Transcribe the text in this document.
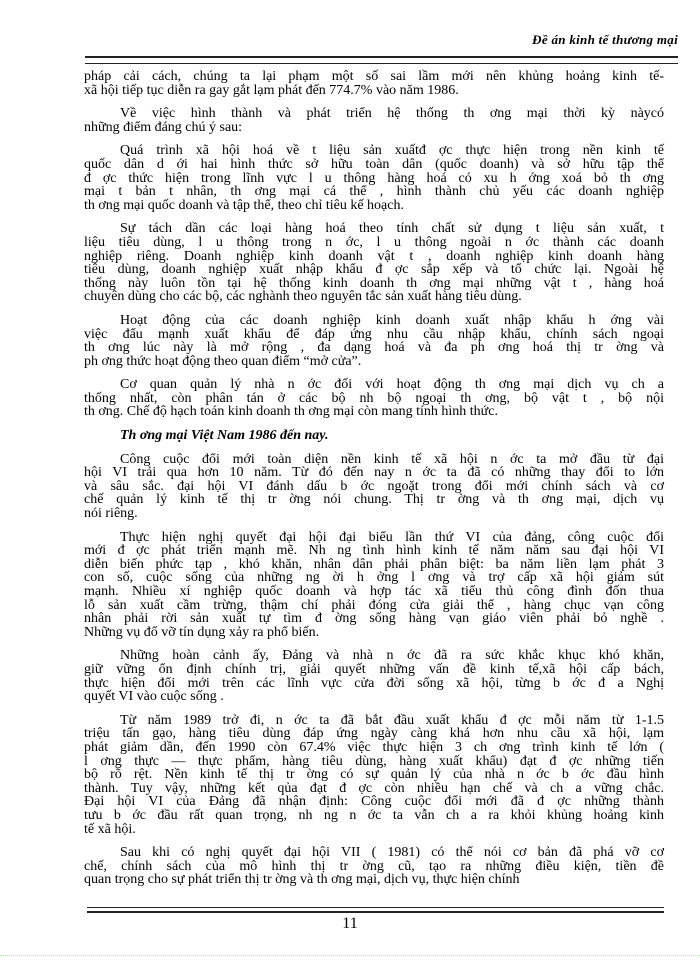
Đề án kinh tế thương mại
pháp cải cách, chúng ta lại phạm một số sai lầm mới nên khủng hoảng kinh tế-
xã hội tiếp tục diễn ra gay gắt lạm phát đến 774.7% vào năm 1986.
Về việc hình thành và phát triển hệ thống th ơng mại thời kỳ nàycó
những điểm đáng chú ý sau:
Quá trình xã hội hoá về t liệu sản xuấtđ ợc thực hiện trong nền kinh tế
quốc dân d ới hai hình thức sở hữu toàn dân (quốc doanh) và sở hữu tập thể
đ ợc thức hiện trong lĩnh vực l u thông hàng hoá có xu h ớng xoá bỏ th ơng
mại t bản t nhân, th ơng mại cá thể , hình thành chủ yếu các doanh nghiệp
th ơng mại quốc doanh và tập thể, theo chỉ tiêu kế hoạch.
Sự tách dần các loại hàng hoá theo tính chất sử dụng t liệu sản xuất, t
liệu tiêu dùng, l u thông trong n ớc, l u thông ngoài n ớc thành các doanh
nghiệp riêng. Doanh nghiệp kinh doanh vật t , doanh nghiệp kinh doanh hàng
tiêu dùng, doanh nghiệp xuất nhập khẩu đ ợc sắp xếp và tổ chức lại. Ngoài hệ
thống này luôn tồn tại hệ thống kinh doanh th ơng mại những vật t , hàng hoá
chuyên dùng cho các bộ, các nghành theo nguyên tắc sản xuất hàng tiêu dùng.
Hoạt động của các doanh nghiệp kinh doanh xuất nhập khẩu h ớng vài
việc đẩu mạnh xuất khẩu để đáp ứng nhu cầu nhập khẩu, chính sách ngoại
th ơng lúc này là mở rộng , đa dạng hoá và đa ph ơng hoá thị tr ờng và
ph ơng thức hoạt động theo quan điểm “mở cửa”.
Cơ quan quản lý nhà n ớc đối với hoạt động th ơng mại dịch vụ ch a
thống nhất, còn phân tán ở các bộ nh bộ ngoại th ơng, bộ vật t , bộ nội
th ơng. Chế độ hạch toán kinh doanh th ơng mại còn mang tính hình thức.
Th ơng mại Việt Nam 1986 đến nay.
Công cuộc đổi mới toàn diện nền kinh tế xã hội n ớc ta mở đầu từ đại
hội VI trải qua hơn 10 năm. Từ đó đến nay n ớc ta đã có những thay đổi to lớn
và sâu sắc. đại hội VI đánh dấu b ớc ngoặt trong đổi mới chính sách và cơ
chế quản lý kinh tế thị tr ờng nói chung. Thị tr ờng và th ơng mại, dịch vụ
nói riêng.
Thực hiện nghị quyết đại hội đại biểu lần thứ VI của đảng, công cuộc đổi
mới đ ợc phát triển mạnh mẽ. Nh ng tình hình kinh tế năm năm sau đại hội VI
diễn biến phức tạp , khó khăn, nhân dân phải phân biệt: ba năm liền lạm phát 3
con số, cuộc sống của những ng ời h ởng l ơng và trợ cấp xã hội giảm sút
mạnh. Nhiều xí nghiệp quốc doanh và hợp tác xã tiểu thủ công đình đốn thua
lỗ sản xuất cầm trừng, thậm chí phải đóng cửa giải thể , hàng chục vạn công
nhân phải rời sản xuất tự tìm đ ờng sống hàng vạn giáo viên phải bỏ nghề .
Những vụ đổ vỡ tín dụng xảy ra phổ biến.
Những hoàn cảnh ấy, Đảng và nhà n ớc đã ra sức khắc khục khó khăn,
giữ vững ổn định chính trị, giải quyết những vấn đề kinh tế,xã hội cấp bách,
thực hiện đổi mới trên các lĩnh vực cửa đời sống xã hội, từng b ớc đ a Nghị
quyết VI vào cuộc sống .
Từ năm 1989 trở đi, n ớc ta đã bắt đầu xuất khẩu đ ợc mỗi năm từ 1-1.5
triệu tấn gạo, hàng tiêu dùng đáp ứng ngày càng khá hơn nhu cầu xã hội, lạm
phát giảm dần, đến 1990 còn 67.4% việc thực hiện 3 ch ơng trình kinh tế lớn (
l ơng thực — thực phẩm, hàng tiêu dùng, hàng xuất khẩu) đạt đ ợc những tiến
bộ rõ rệt. Nền kinh tế thị tr ờng có sự quản lý của nhà n ớc b ớc đầu hình
thành. Tuy vậy, những kết qủa đạt đ ợc còn nhiều hạn chế và ch a vững chắc.
Đại hội VI của Đảng đã nhận định: Công cuộc đổi mới đã đ ợc những thành
tưu b ớc đầu rất quan trọng, nh ng n ớc ta vẫn ch a ra khỏi khủng hoảng kinh
tế xã hội.
Sau khi có nghị quyết đại hội VII ( 1981) có thể nói cơ bản đã phá vỡ cơ
chế, chính sách của mô hình thị tr ờng cũ, tạo ra những điều kiện, tiền đề
quan trọng cho sự phát triển thị tr ờng và th ơng mại, dịch vụ, thực hiện chính
11
